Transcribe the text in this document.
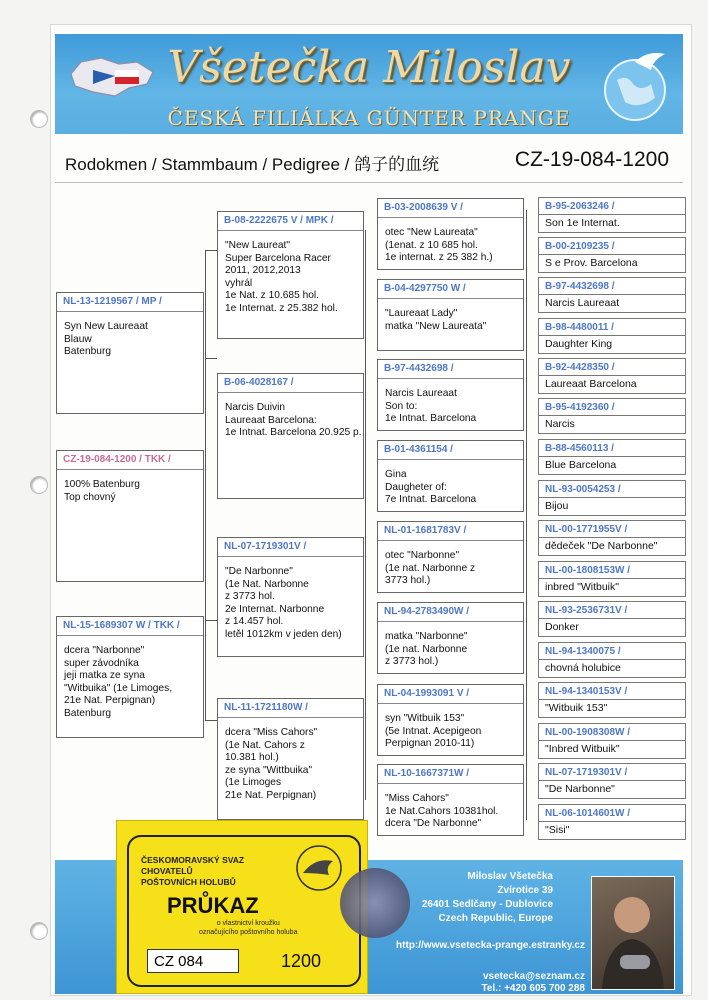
Všetečka Miloslav
ČESKÁ FILIÁLKA GÜNTER PRANGE
Rodokmen / Stammbaum / Pedigree / 鸽子的血统	CZ-19-084-1200
NL-13-1219567 / MP /
Syn New Laureaat
Blauw
Batenburg
CZ-19-084-1200 / TKK /
100% Batenburg
Top chovný
NL-15-1689307 W / TKK /
dcera "Narbonne"
super závodníka
jeji matka ze syna
"Witbuika" (1e Limoges,
21e Nat. Perpignan)
Batenburg
B-08-2222675 V / MPK /
"New Laureat"
Super Barcelona Racer
2011, 2012,2013
vyhrál
1e Nat. z 10.685 hol.
1e Internat. z 25.382 hol.
B-06-4028167 /
Narcis Duivin
Laureaat Barcelona:
1e Intnat. Barcelona 20.925 p.
NL-07-1719301V /
"De Narbonne"
(1e Nat. Narbonne
z 3773 hol.
2e Internat. Narbonne
z 14.457 hol.
letěl 1012km v jeden den)
NL-11-1721180W /
dcera "Miss Cahors"
(1e Nat. Cahors z
10.381 hol.)
ze syna "Wittbuika"
(1e Limoges
21e Nat. Perpignan)
B-03-2008639 V /
otec "New Laureata"
(1enat. z 10 685 hol.
1e internat. z 25 382 h.)
B-04-4297750 W /
"Laureaat Lady"
matka "New Laureata"
B-97-4432698 /
Narcis Laureaat
Son to:
1e Intnat. Barcelona
B-01-4361154 /
Gina
Daugheter of:
7e Intnat. Barcelona
NL-01-1681783V /
otec "Narbonne"
(1e nat. Narbonne z
3773 hol.)
NL-94-2783490W /
matka "Narbonne"
(1e nat. Narbonne
z 3773 hol.)
NL-04-1993091 V /
syn "Witbuik 153"
(5e Intnat. Acepigeon
Perpignan 2010-11)
NL-10-1667371W /
"Miss Cahors"
1e Nat.Cahors 10381hol.
dcera "De Narbonne"
B-95-2063246 /
Son 1e Internat.
B-00-2109235 /
S e Prov. Barcelona
B-97-4432698 /
Narcis Laureaat
B-98-4480011 /
Daughter King
B-92-4428350 /
Laureaat Barcelona
B-95-4192360 /
Narcis
B-88-4560113 /
Blue Barcelona
NL-93-0054253 /
Bijou
NL-00-1771955V /
dědeček "De Narbonne"
NL-00-1808153W /
inbred "Witbuik"
NL-93-2536731V /
Donker
NL-94-1340075 /
chovná holubice
NL-94-1340153V /
"Witbuik 153"
NL-00-1908308W /
"Inbred Witbuik"
NL-07-1719301V /
"De Narbonne"
NL-06-1014601W /
"Sisi"
Miloslav Všetečka
Zvírotice 39
26401 Sedlčany - Dublovice
Czech Republic, Europe
http://www.vsetecka-prange.estranky.cz
vsetecka@seznam.cz
Tel.: +420 605 700 288
ČESKOMORAVSKÝ SVAZ
CHOVATELŮ
POŠTOVNÍCH HOLUBŮ
PRŮKAZ
o vlastnictví kroužku
označujícího poštovního holuba
CZ 084	1200
